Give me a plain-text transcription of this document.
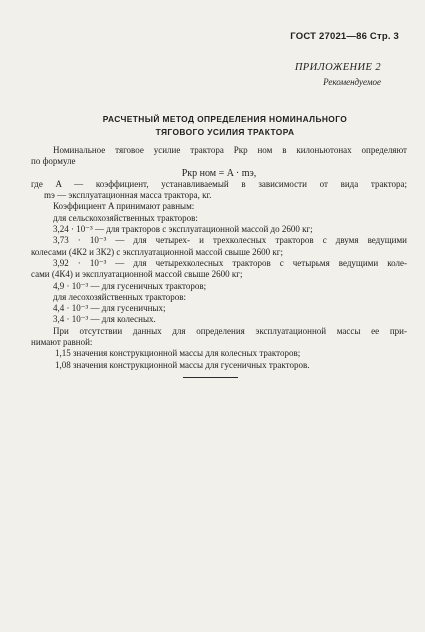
ГОСТ 27021—86 Стр. 3
ПРИЛОЖЕНИЕ 2
Рекомендуемое
РАСЧЕТНЫЙ МЕТОД ОПРЕДЕЛЕНИЯ НОМИНАЛЬНОГО
ТЯГОВОГО УСИЛИЯ ТРАКТОРА

Номинальное тяговое усилие трактора Pкр ном в килоньютонах определяют

по формуле

Pкр ном = A · mэ,

где A — коэффициент, устанавливаемый в зависимости от вида трактора;

mэ — эксплуатационная масса трактора, кг.

Коэффициент A принимают равным:

для сельскохозяйственных тракторов:

3,24 · 10⁻³ — для тракторов с эксплуатационной массой до 2600 кг;

3,73 · 10⁻³ — для четырех- и трехколесных тракторов с двумя ведущими

колесами (4К2 и 3К2) с эксплуатационной массой свыше 2600 кг;

3,92 · 10⁻³ — для четырехколесных тракторов с четырьмя ведущими коле-

сами (4К4) и эксплуатационной массой свыше 2600 кг;

4,9 · 10⁻³ — для гусеничных тракторов;

для лесохозяйственных тракторов:

4,4 · 10⁻³ — для гусеничных;

3,4 · 10⁻³ — для колесных.

При отсутствии данных для определения эксплуатационной массы ее при-

нимают равной:

1,15 значения конструкционной массы для колесных тракторов;

1,08 значения конструкционной массы для гусеничных тракторов.
